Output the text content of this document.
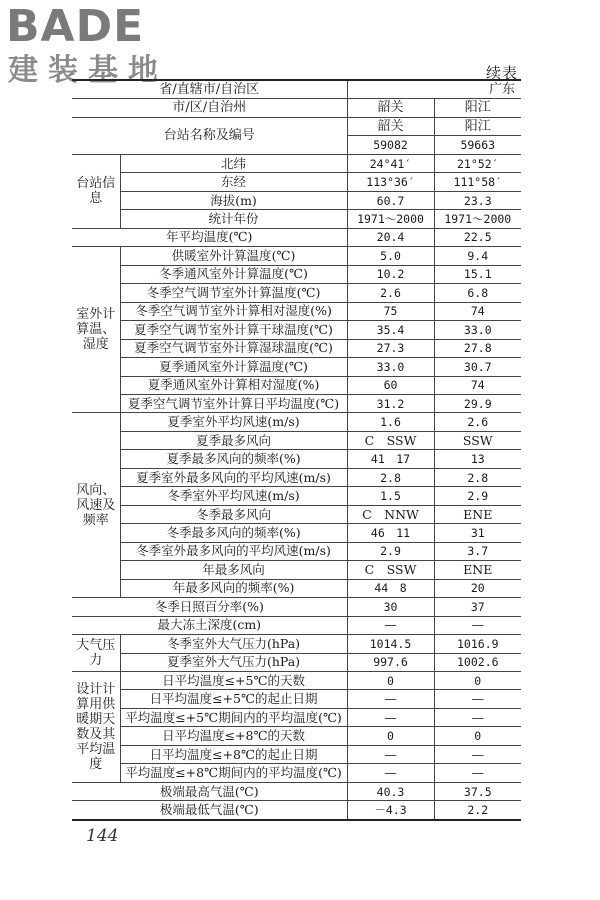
BADE
建装基地	续表
省/直辖市/自治区		广东	
市/区/自治州		韶关	阳江
台站名称及编号		韶关	阳江
		59082	59663
台站信息	北纬	24°41′	21°52′
	东经	113°36′	111°58′
	海拔(m)	60.7	23.3
	统计年份	1971～2000	1971～2000
年平均温度(℃)		20.4	22.5
室外计算温、湿度	供暖室外计算温度(℃)	5.0	9.4
	冬季通风室外计算温度(℃)	10.2	15.1
	冬季空气调节室外计算温度(℃)	2.6	6.8
	冬季空气调节室外计算相对湿度(%)	75	74
	夏季空气调节室外计算干球温度(℃)	35.4	33.0
	夏季空气调节室外计算湿球温度(℃)	27.3	27.8
	夏季通风室外计算温度(℃)	33.0	30.7
	夏季通风室外计算相对湿度(%)	60	74
	夏季空气调节室外计算日平均温度(℃)	31.2	29.9
风向、风速及频率	夏季室外平均风速(m/s)	1.6	2.6
	夏季最多风向	C　SSW	SSW
	夏季最多风向的频率(%)	41　17	13
	夏季室外最多风向的平均风速(m/s)	2.8	2.8
	冬季室外平均风速(m/s)	1.5	2.9
	冬季最多风向	C　NNW	ENE
	冬季最多风向的频率(%)	46　11	31
	冬季室外最多风向的平均风速(m/s)	2.9	3.7
	年最多风向	C　SSW	ENE
	年最多风向的频率(%)	44　8	20
冬季日照百分率(%)		30	37
最大冻土深度(cm)		—	—
大气压力	冬季室外大气压力(hPa)	1014.5	1016.9
	夏季室外大气压力(hPa)	997.6	1002.6
设计计算用供暖期天数及其平均温度	日平均温度≤+5℃的天数	0	0
	日平均温度≤+5℃的起止日期	—	—
	平均温度≤+5℃期间内的平均温度(℃)	—	—
	日平均温度≤+8℃的天数	0	0
	日平均温度≤+8℃的起止日期	—	—
	平均温度≤+8℃期间内的平均温度(℃)	—	—
极端最高气温(℃)		40.3	37.5
极端最低气温(℃)		－4.3	2.2
144
